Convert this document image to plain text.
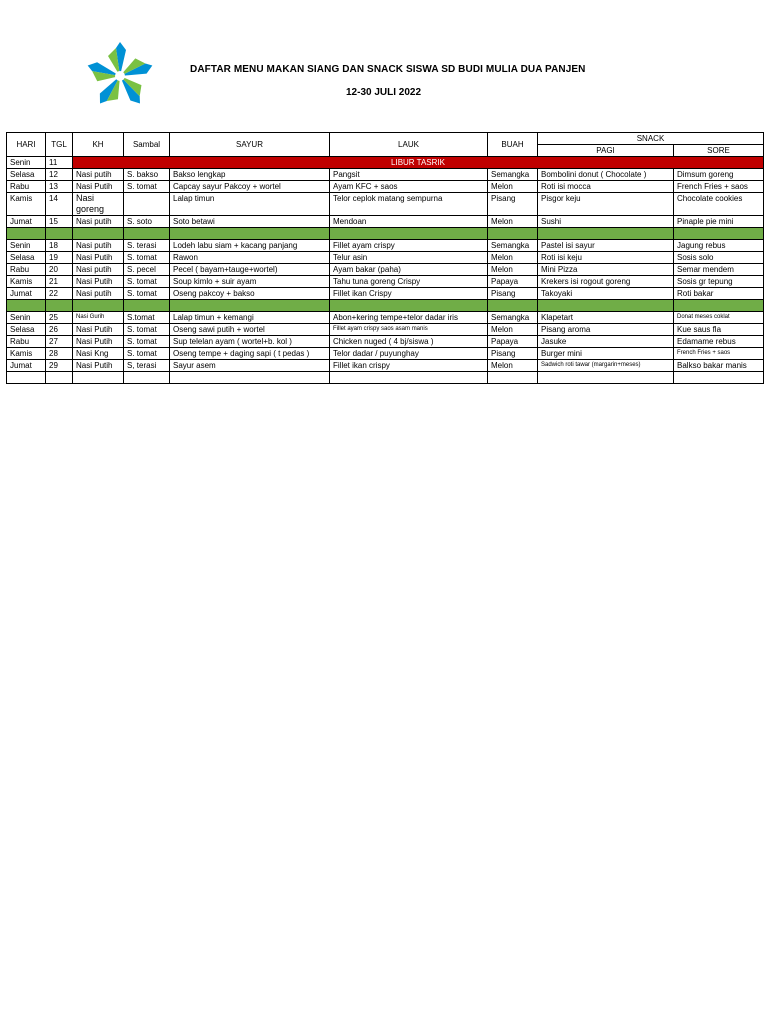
DAFTAR MENU MAKAN SIANG DAN SNACK SISWA SD BUDI MULIA DUA PANJEN
12-30 JULI 2022
HARI	TGL	KH	Sambal	SAYUR	LAUK	BUAH	SNACK	
							PAGI	SORE
Senin	11	LIBUR TASRIK						
Selasa	12	Nasi putih	S. bakso	Bakso lengkap	Pangsit	Semangka	Bombolini donut ( Chocolate )	Dimsum goreng
Rabu	13	Nasi Putih	S. tomat	Capcay sayur Pakcoy + wortel	Ayam KFC + saos	Melon	Roti isi mocca	French Fries + saos
Kamis	14	Nasi goreng		Lalap timun	Telor ceplok matang sempurna	Pisang	Pisgor keju	Chocolate cookies
Jumat	15	Nasi putih	S. soto	Soto betawi	Mendoan	Melon	Sushi	Pinaple pie mini

Senin	18	Nasi putih	S. terasi	Lodeh labu siam + kacang panjang	Fillet ayam crispy	Semangka	Pastel isi sayur	Jagung rebus
Selasa	19	Nasi Putih	S. tomat	Rawon	Telur asin	Melon	Roti isi keju	Sosis solo
Rabu	20	Nasi putih	S. pecel	Pecel ( bayam+tauge+wortel)	Ayam bakar (paha)	Melon	Mini Pizza	Semar mendem
Kamis	21	Nasi Putih	S. tomat	Soup kimlo + suir ayam	Tahu tuna goreng Crispy	Papaya	Krekers isi rogout goreng	Sosis gr tepung
Jumat	22	Nasi putih	S. tomat	Oseng pakcoy + bakso	Fillet ikan Crispy	Pisang	Takoyaki	Roti bakar

Senin	25	Nasi Gurih	S.tomat	Lalap timun + kemangi	Abon+kering tempe+telor dadar iris	Semangka	Klapetart	Donat meses coklat
Selasa	26	Nasi Putih	S. tomat	Oseng sawi putih + wortel	Fillet ayam crispy saos asam manis	Melon	Pisang aroma	Kue saus fla
Rabu	27	Nasi Putih	S. tomat	Sup telelan ayam ( wortel+b. kol )	Chicken nuged ( 4 bj/siswa )	Papaya	Jasuke	Edamame rebus
Kamis	28	Nasi Kng	S. tomat	Oseng tempe + daging sapi ( t pedas )	Telor dadar / puyunghay	Pisang	Burger mini	French Fries + saos
Jumat	29	Nasi Putih	S, terasi	Sayur asem	Fillet ikan crispy	Melon	Sadwich roti tawar (margarin+meses)	Balkso bakar manis
